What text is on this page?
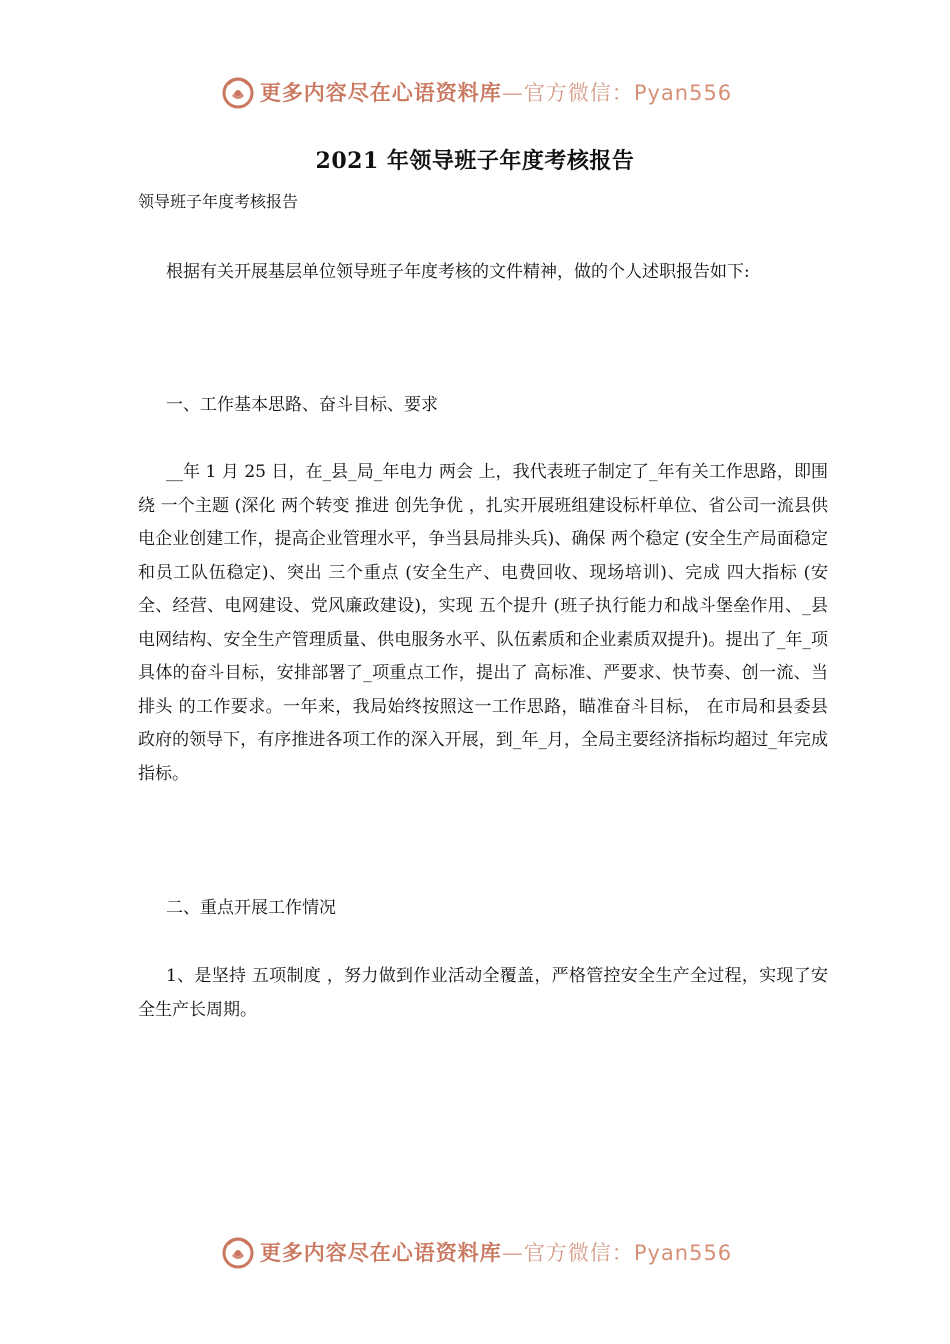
更多内容尽在心语资料库—官方微信：Pyan556
2021 年领导班子年度考核报告
领导班子年度考核报告
根据有关开展基层单位领导班子年度考核的文件精神，做的个人述职报告如下:
一、工作基本思路、奋斗目标、要求
__年 1 月 25 日，在_县_局_年电力 两会 上，我代表班子制定了_年有关工作思路，即围绕 一个主题 (深化 两个转变 推进 创先争优 ，扎实开展班组建设标杆单位、省公司一流县供电企业创建工作，提高企业管理水平，争当县局排头兵)、确保 两个稳定 (安全生产局面稳定和员工队伍稳定)、突出 三个重点 (安全生产、电费回收、现场培训)、完成 四大指标 (安全、经营、电网建设、党风廉政建设)，实现 五个提升 (班子执行能力和战斗堡垒作用、_县电网结构、安全生产管理质量、供电服务水平、队伍素质和企业素质双提升)。提出了_年_项具体的奋斗目标，安排部署了_项重点工作，提出了 高标准、严要求、快节奏、创一流、当排头 的工作要求。一年来，我局始终按照这一工作思路，瞄准奋斗目标， 在市局和县委县政府的领导下，有序推进各项工作的深入开展，到_年_月，全局主要经济指标均超过_年完成指标。
二、重点开展工作情况
1、是坚持 五项制度 ，努力做到作业活动全覆盖，严格管控安全生产全过程，实现了安全生产长周期。
更多内容尽在心语资料库—官方微信：Pyan556
